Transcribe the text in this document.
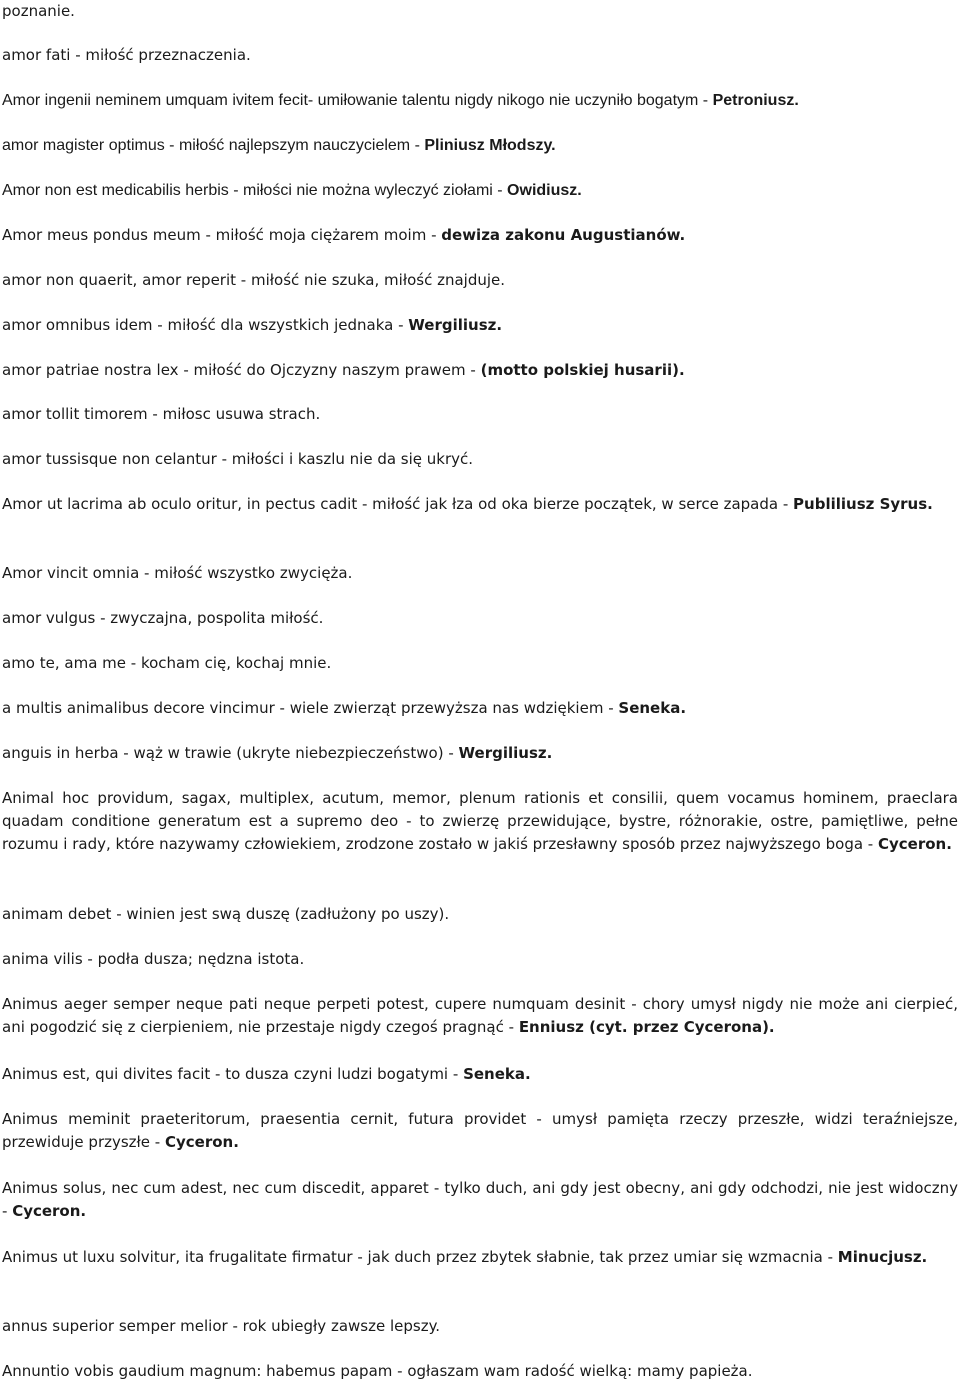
poznanie.

amor fati - miłość przeznaczenia.

Amor ingenii neminem umquam ivitem fecit- umiłowanie talentu nigdy nikogo nie uczyniło bogatym - Petroniusz.

amor magister optimus - miłość najlepszym nauczycielem - Pliniusz Młodszy.

Amor non est medicabilis herbis - miłości nie można wyleczyć ziołami - Owidiusz.

Amor meus pondus meum - miłość moja ciężarem moim - dewiza zakonu Augustianów.

amor non quaerit, amor reperit - miłość nie szuka, miłość znajduje.

amor omnibus idem - miłość dla wszystkich jednaka - Wergiliusz.

amor patriae nostra lex - miłość do Ojczyzny naszym prawem - (motto polskiej husarii).

amor tollit timorem - miłosc usuwa strach.

amor tussisque non celantur - miłości i kaszlu nie da się ukryć.

Amor ut lacrima ab oculo oritur, in pectus cadit - miłość jak łza od oka bierze początek, w serce zapada - Publiliusz Syrus.

Amor vincit omnia - miłość wszystko zwycięża.

amor vulgus - zwyczajna, pospolita miłość.

amo te, ama me - kocham cię, kochaj mnie.

a multis animalibus decore vincimur - wiele zwierząt przewyższa nas wdziękiem - Seneka.

anguis in herba - wąż w trawie (ukryte niebezpieczeństwo) - Wergiliusz.

Animal hoc providum, sagax, multiplex, acutum, memor, plenum rationis et consilii, quem vocamus hominem, praeclara quadam conditione generatum est a supremo deo - to zwierzę przewidujące, bystre, różnorakie, ostre, pamiętliwe, pełne rozumu i rady, które nazywamy człowiekiem, zrodzone zostało w jakiś przesławny sposób przez najwyższego boga - Cyceron.

animam debet - winien jest swą duszę (zadłużony po uszy).

anima vilis - podła dusza; nędzna istota.

Animus aeger semper neque pati neque perpeti potest, cupere numquam desinit - chory umysł nigdy nie może ani cierpieć, ani pogodzić się z cierpieniem, nie przestaje nigdy czegoś pragnąć - Enniusz (cyt. przez Cycerona).

Animus est, qui divites facit - to dusza czyni ludzi bogatymi - Seneka.

Animus meminit praeteritorum, praesentia cernit, futura providet - umysł pamięta rzeczy przeszłe, widzi teraźniejsze, przewiduje przyszłe - Cyceron.

Animus solus, nec cum adest, nec cum discedit, apparet - tylko duch, ani gdy jest obecny, ani gdy odchodzi, nie jest widoczny - Cyceron.

Animus ut luxu solvitur, ita frugalitate firmatur - jak duch przez zbytek słabnie, tak przez umiar się wzmacnia - Minucjusz.

annus superior semper melior - rok ubiegły zawsze lepszy.

Annuntio vobis gaudium magnum: habemus papam - ogłaszam wam radość wielką: mamy papieża.
